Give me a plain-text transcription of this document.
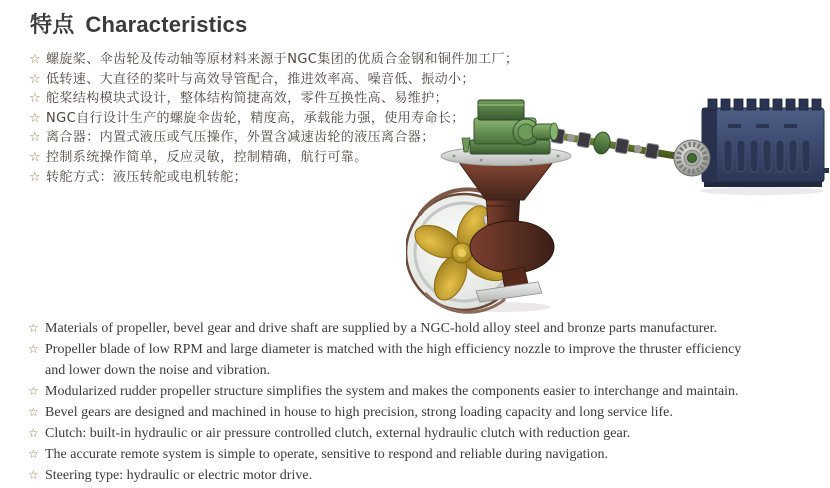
特点 Characteristics
☆ 螺旋桨、伞齿轮及传动轴等原材料来源于NGC集团的优质合金钢和铜件加工厂；
☆ 低转速、大直径的桨叶与高效导管配合，推进效率高、噪音低、振动小；
☆ 舵桨结构模块式设计，整体结构简捷高效，零件互换性高、易维护；
☆ NGC自行设计生产的螺旋伞齿轮，精度高，承载能力强，使用寿命长；
☆ 离合器：内置式液压或气压操作，外置含减速齿轮的液压离合器；
☆ 控制系统操作简单，反应灵敏，控制精确，航行可靠。
☆ 转舵方式：液压转舵或电机转舵；
☆ Materials of propeller, bevel gear and drive shaft are supplied by a NGC-hold alloy steel and bronze parts manufacturer.
☆ Propeller blade of low RPM and large diameter is matched with the high efficiency nozzle to improve the thruster efficiency and lower down the noise and vibration.
☆ Modularized rudder propeller structure simplifies the system and makes the components easier to interchange and maintain.
☆ Bevel gears are designed and machined in house to high precision, strong loading capacity and long service life.
☆ Clutch: built-in hydraulic or air pressure controlled clutch, external hydraulic clutch with reduction gear.
☆ The accurate remote system is simple to operate, sensitive to respond and reliable during navigation.
☆ Steering type: hydraulic or electric motor drive.
